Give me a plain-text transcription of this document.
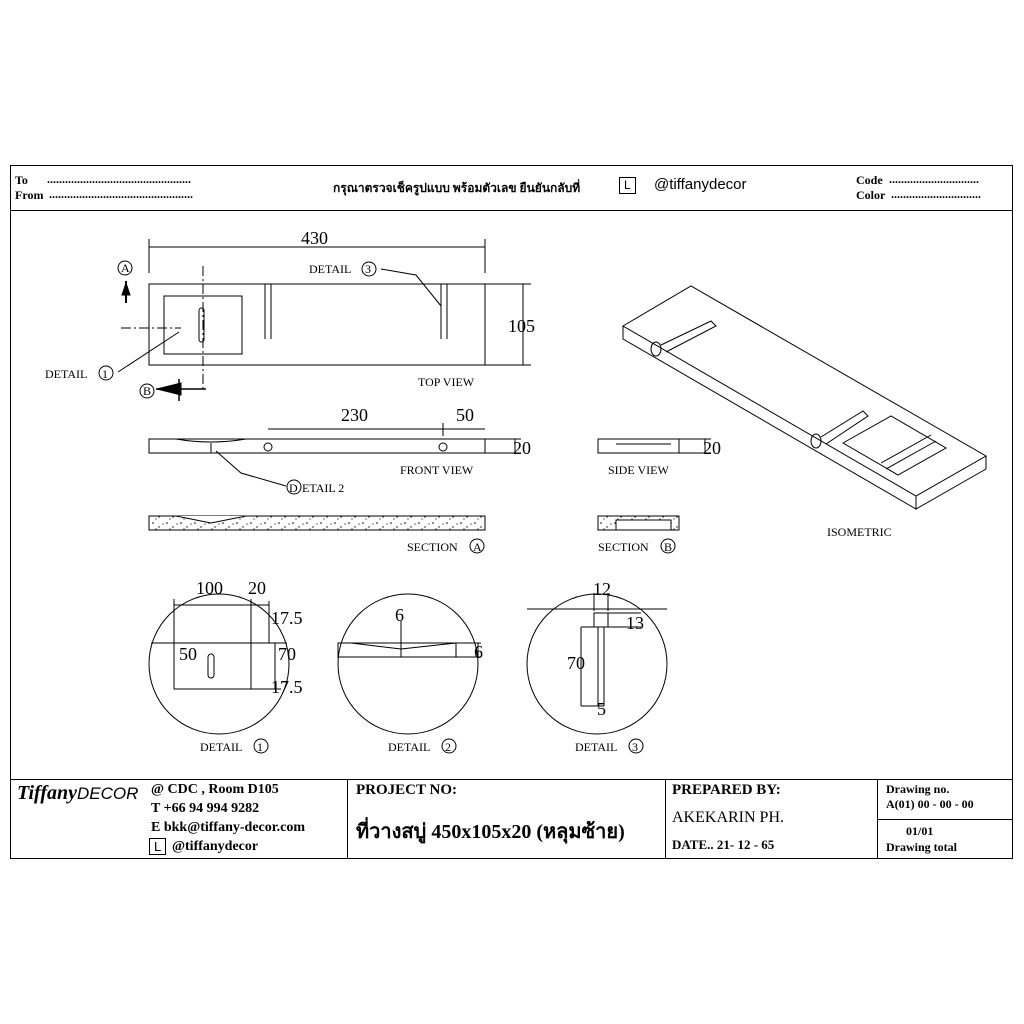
To ................................................
From ................................................	กรุณาตรวจเช็ครูปแบบ พร้อมตัวเลข ยืนยันกลับที่	L	@tiffanydecor	Code ..............................
Color ..............................
430
105
TOP VIEW
DETAIL 3
DETAIL 1
A
B
230	50
20
FRONT VIEW
D ETAIL 2
20
SIDE VIEW
SECTION A	SECTION B
ISOMETRIC
100 20
17.5
70
17.5
50
6
6
12
13
70
5
DETAIL 1	DETAIL 2	DETAIL 3
TiffanyDECOR @ CDC , Room D105
T +66 94 994 9282
E bkk@tiffany-decor.com
L @tiffanydecor
PROJECT NO:
ที่วางสบู่ 450x105x20 (หลุมซ้าย)
PREPARED BY:
AKEKARIN PH.
DATE.. 21- 12 - 65
Drawing no.
A(01) 00 - 00 - 00
01/01
Drawing total
